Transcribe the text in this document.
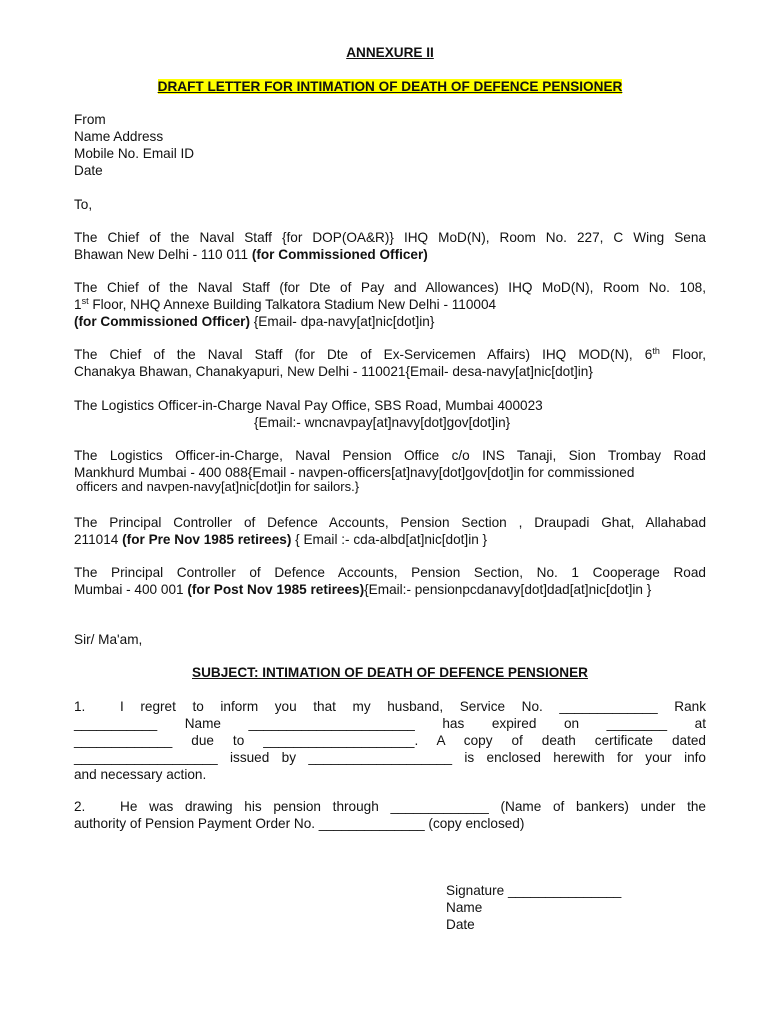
ANNEXURE II
DRAFT LETTER FOR INTIMATION OF DEATH OF DEFENCE PENSIONER
From
Name Address
Mobile No. Email ID
Date
To,
The Chief of the Naval Staff {for DOP(OA&R)} IHQ MoD(N), Room No. 227, C Wing Sena
Bhawan New Delhi - 110 011 (for Commissioned Officer)
The Chief of the Naval Staff (for Dte of Pay and Allowances) IHQ MoD(N), Room No. 108,
1st Floor, NHQ Annexe Building Talkatora Stadium New Delhi - 110004
(for Commissioned Officer) {Email- dpa-navy[at]nic[dot]in}
The Chief of the Naval Staff (for Dte of Ex-Servicemen Affairs) IHQ MOD(N), 6th Floor,
Chanakya Bhawan, Chanakyapuri, New Delhi - 110021{Email- desa-navy[at]nic[dot]in}
The Logistics Officer-in-Charge Naval Pay Office, SBS Road, Mumbai 400023
{Email:- wncnavpay[at]navy[dot]gov[dot]in}
The Logistics Officer-in-Charge, Naval Pension Office c/o INS Tanaji, Sion Trombay Road
Mankhurd Mumbai - 400 088{Email - navpen-officers[at]navy[dot]gov[dot]in for commissioned
officers and navpen-navy[at]nic[dot]in for sailors.}
The Principal Controller of Defence Accounts, Pension Section , Draupadi Ghat, Allahabad
211014 (for Pre Nov 1985 retirees) { Email :- cda-albd[at]nic[dot]in }
The Principal Controller of Defence Accounts, Pension Section, No. 1 Cooperage Road
Mumbai - 400 001 (for Post Nov 1985 retirees){Email:- pensionpcdanavy[dot]dad[at]nic[dot]in }
Sir/ Ma'am,
SUBJECT: INTIMATION OF DEATH OF DEFENCE PENSIONER
1.	I regret to inform you that my husband, Service No. _____________ Rank
___________ Name ______________________ has expired on ________ at
_____________ due to ____________________. A copy of death certificate dated
___________________ issued by ___________________ is enclosed herewith for your info
and necessary action.
2.	He was drawing his pension through _____________ (Name of bankers) under the
authority of Pension Payment Order No. ______________ (copy enclosed)
Signature _______________
Name
Date
